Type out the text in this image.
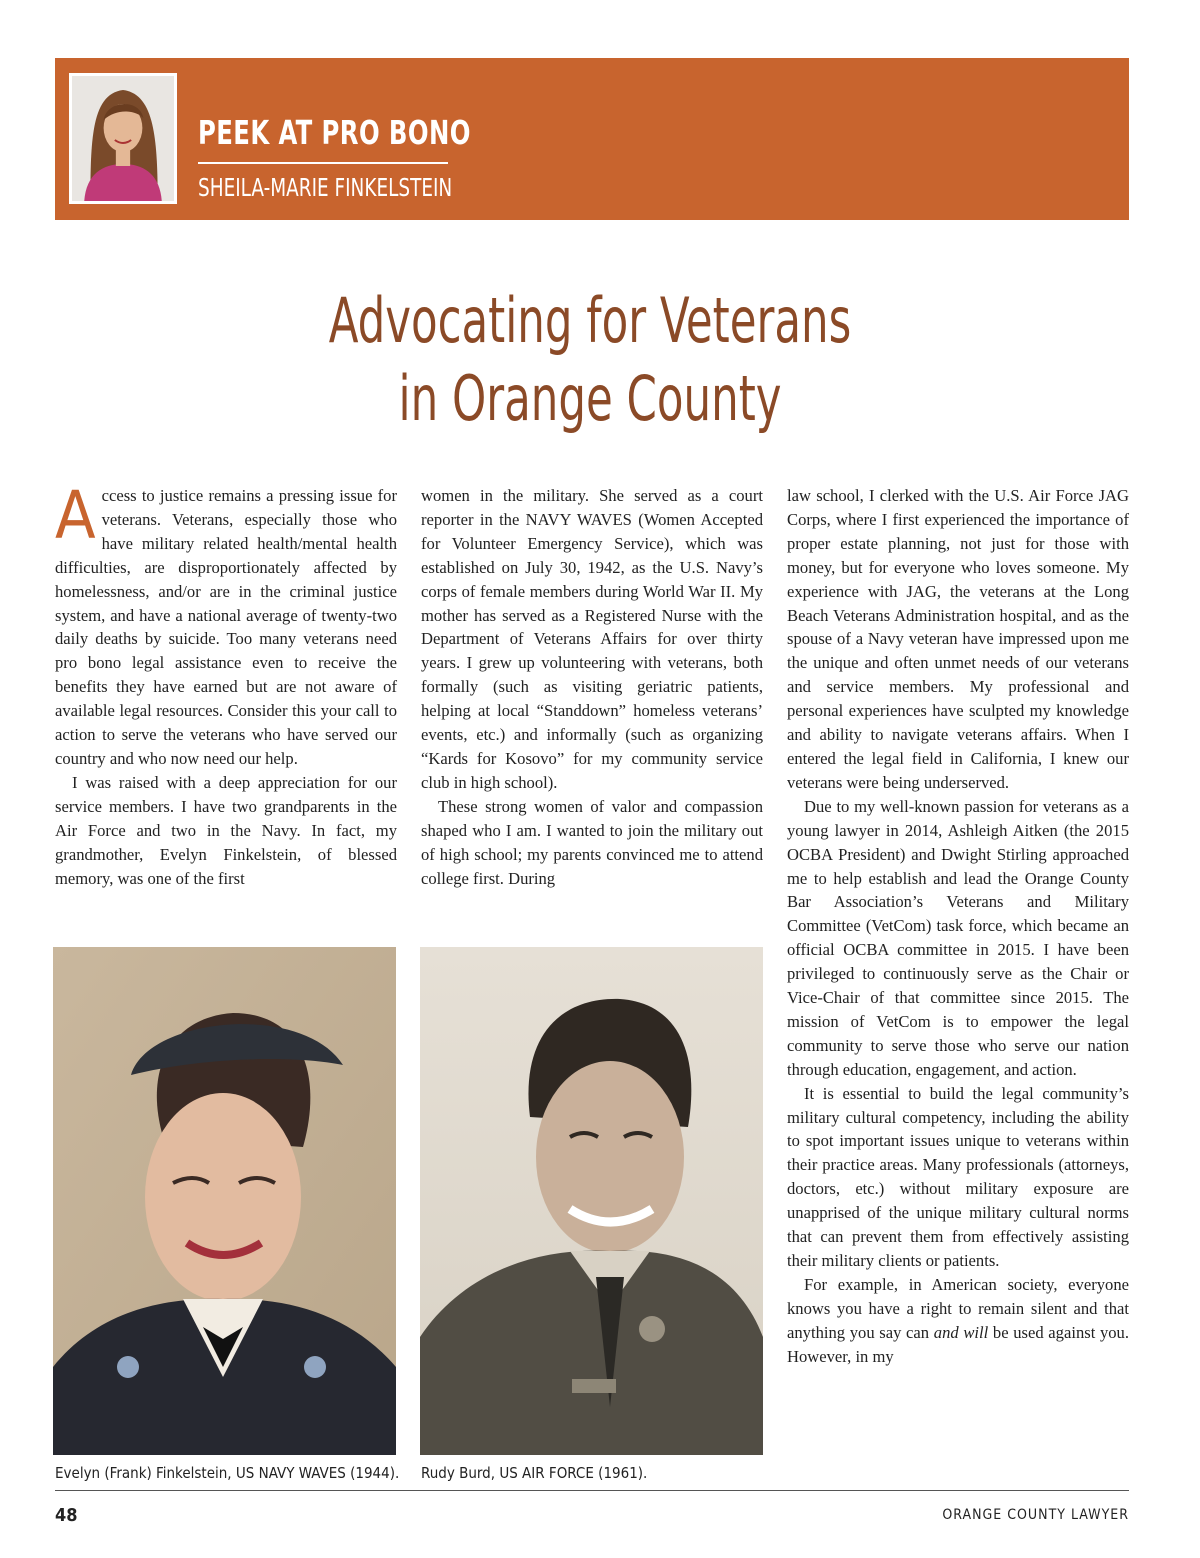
PEEK AT PRO BONO
SHEILA-MARIE FINKELSTEIN
Advocating for Veterans
in Orange County

Access to justice remains a pressing issue for veterans. Veterans, especially those who have military related health/mental health difficulties, are disproportionately affected by homelessness, and/or are in the criminal justice system, and have a national average of twenty-two daily deaths by suicide. Too many veterans need pro bono legal assistance even to receive the benefits they have earned but are not aware of available legal resources. Consider this your call to action to serve the veterans who have served our country and who now need our help.

I was raised with a deep appreciation for our service members. I have two grandparents in the Air Force and two in the Navy. In fact, my grandmother, Evelyn Finkelstein, of blessed memory, was one of the first

women in the military. She served as a court reporter in the NAVY WAVES (Women Accepted for Volunteer Emergency Service), which was established on July 30, 1942, as the U.S. Navy’s corps of female members during World War II. My mother has served as a Registered Nurse with the Department of Veterans Affairs for over thirty years. I grew up volunteering with veterans, both formally (such as visiting geriatric patients, helping at local “Standdown” homeless veterans’ events, etc.) and informally (such as organizing “Kards for Kosovo” for my community service club in high school).

These strong women of valor and compassion shaped who I am. I wanted to join the military out of high school; my parents convinced me to attend college first. During

law school, I clerked with the U.S. Air Force JAG Corps, where I first experienced the importance of proper estate planning, not just for those with money, but for everyone who loves someone. My experience with JAG, the veterans at the Long Beach Veterans Administration hospital, and as the spouse of a Navy veteran have impressed upon me the unique and often unmet needs of our veterans and service members. My professional and personal experiences have sculpted my knowledge and ability to navigate veterans affairs. When I entered the legal field in California, I knew our veterans were being underserved.

Due to my well-known passion for veterans as a young lawyer in 2014, Ashleigh Aitken (the 2015 OCBA President) and Dwight Stirling approached me to help establish and lead the Orange County Bar Association’s Veterans and Military Committee (VetCom) task force, which became an official OCBA committee in 2015. I have been privileged to continuously serve as the Chair or Vice-Chair of that committee since 2015. The mission of VetCom is to empower the legal community to serve those who serve our nation through education, engagement, and action.

It is essential to build the legal community’s military cultural competency, including the ability to spot important issues unique to veterans within their practice areas. Many professionals (attorneys, doctors, etc.) without military exposure are unapprised of the unique military cultural norms that can prevent them from effectively assisting their military clients or patients.

For example, in American society, everyone knows you have a right to remain silent and that anything you say can and will be used against you. However, in my

Evelyn (Frank) Finkelstein, US NAVY WAVES (1944). Rudy Burd, US AIR FORCE (1961).
48	ORANGE COUNTY LAWYER
